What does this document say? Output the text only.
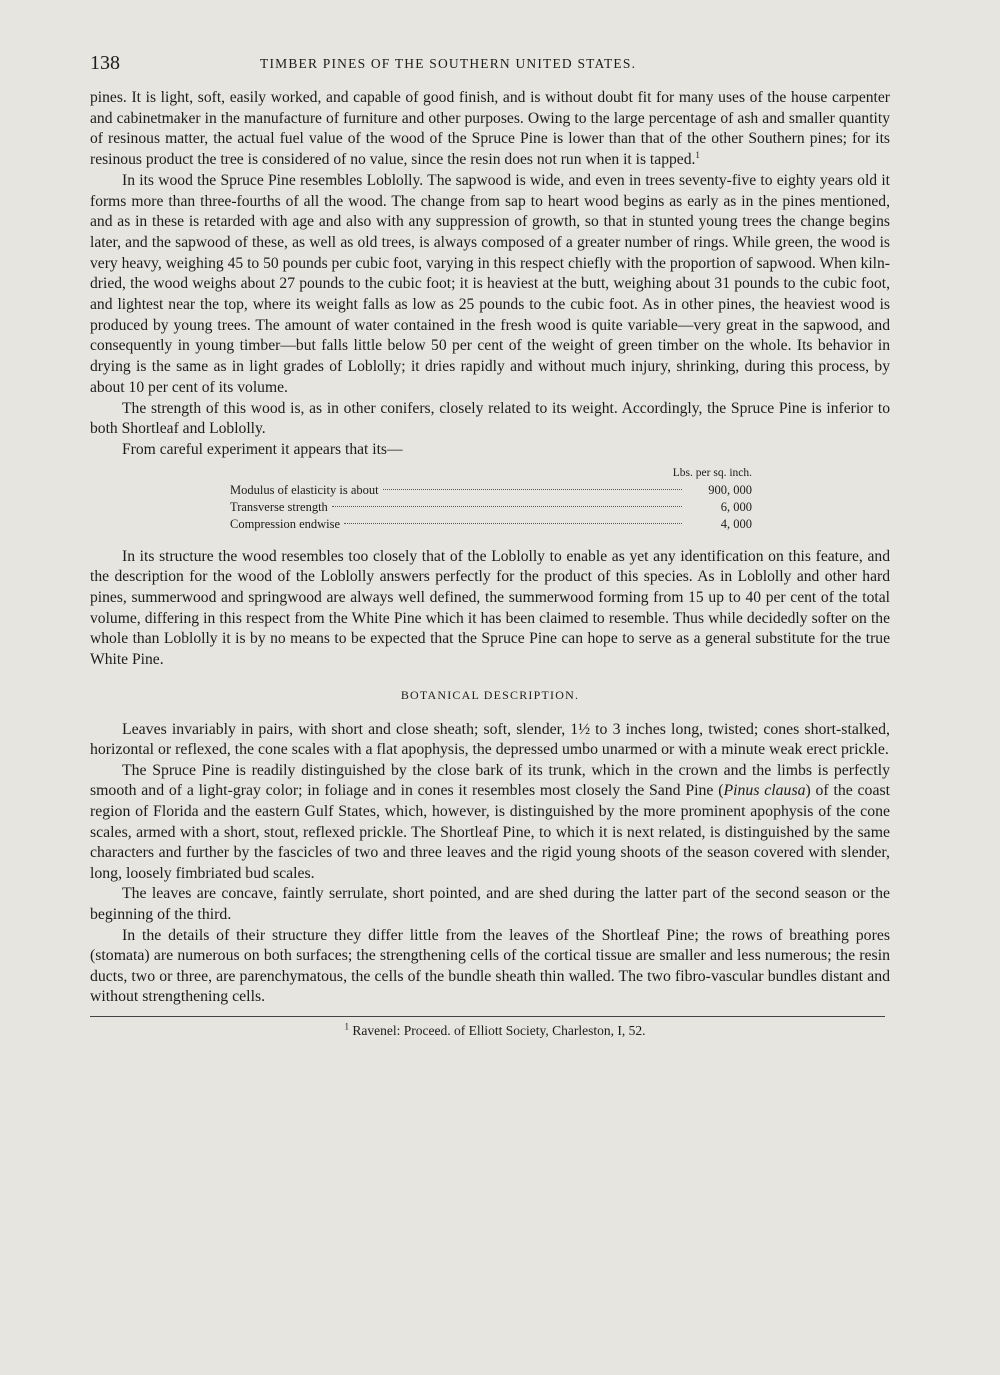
138	TIMBER PINES OF THE SOUTHERN UNITED STATES.

pines. It is light, soft, easily worked, and capable of good finish, and is without doubt fit for many uses of the house carpenter and cabinetmaker in the manufacture of furniture and other purposes. Owing to the large percentage of ash and smaller quantity of resinous matter, the actual fuel value of the wood of the Spruce Pine is lower than that of the other Southern pines; for its resinous product the tree is considered of no value, since the resin does not run when it is tapped.$^1$

In its wood the Spruce Pine resembles Loblolly. The sapwood is wide, and even in trees seventy-five to eighty years old it forms more than three-fourths of all the wood. The change from sap to heart wood begins as early as in the pines mentioned, and as in these is retarded with age and also with any suppression of growth, so that in stunted young trees the change begins later, and the sapwood of these, as well as old trees, is always composed of a greater number of rings. While green, the wood is very heavy, weighing 45 to 50 pounds per cubic foot, varying in this respect chiefly with the proportion of sapwood. When kiln-dried, the wood weighs about 27 pounds to the cubic foot; it is heaviest at the butt, weighing about 31 pounds to the cubic foot, and lightest near the top, where its weight falls as low as 25 pounds to the cubic foot. As in other pines, the heaviest wood is produced by young trees. The amount of water contained in the fresh wood is quite variable—very great in the sapwood, and consequently in young timber—but falls little below 50 per cent of the weight of green timber on the whole. Its behavior in drying is the same as in light grades of Loblolly; it dries rapidly and without much injury, shrinking, during this process, by about 10 per cent of its volume.

The strength of this wood is, as in other conifers, closely related to its weight. Accordingly, the Spruce Pine is inferior to both Shortleaf and Loblolly.

From careful experiment it appears that its—

Lbs. per sq. inch.
Modulus of elasticity is about	900, 000
Transverse strength	6, 000
Compression endwise	4, 000

In its structure the wood resembles too closely that of the Loblolly to enable as yet any identification on this feature, and the description for the wood of the Loblolly answers perfectly for the product of this species. As in Loblolly and other hard pines, summerwood and springwood are always well defined, the summerwood forming from 15 up to 40 per cent of the total volume, differing in this respect from the White Pine which it has been claimed to resemble. Thus while decidedly softer on the whole than Loblolly it is by no means to be expected that the Spruce Pine can hope to serve as a general substitute for the true White Pine.

BOTANICAL DESCRIPTION.

Leaves invariably in pairs, with short and close sheath; soft, slender, 1½ to 3 inches long, twisted; cones short-stalked, horizontal or reflexed, the cone scales with a flat apophysis, the depressed umbo unarmed or with a minute weak erect prickle.

The Spruce Pine is readily distinguished by the close bark of its trunk, which in the crown and the limbs is perfectly smooth and of a light-gray color; in foliage and in cones it resembles most closely the Sand Pine (Pinus clausa) of the coast region of Florida and the eastern Gulf States, which, however, is distinguished by the more prominent apophysis of the cone scales, armed with a short, stout, reflexed prickle. The Shortleaf Pine, to which it is next related, is distinguished by the same characters and further by the fascicles of two and three leaves and the rigid young shoots of the season covered with slender, long, loosely fimbriated bud scales.

The leaves are concave, faintly serrulate, short pointed, and are shed during the latter part of the second season or the beginning of the third.

In the details of their structure they differ little from the leaves of the Shortleaf Pine; the rows of breathing pores (stomata) are numerous on both surfaces; the strengthening cells of the cortical tissue are smaller and less numerous; the resin ducts, two or three, are parenchymatous, the cells of the bundle sheath thin walled. The two fibro-vascular bundles distant and without strengthening cells.

$^1$ Ravenel: Proceed. of Elliott Society, Charleston, I, 52.
